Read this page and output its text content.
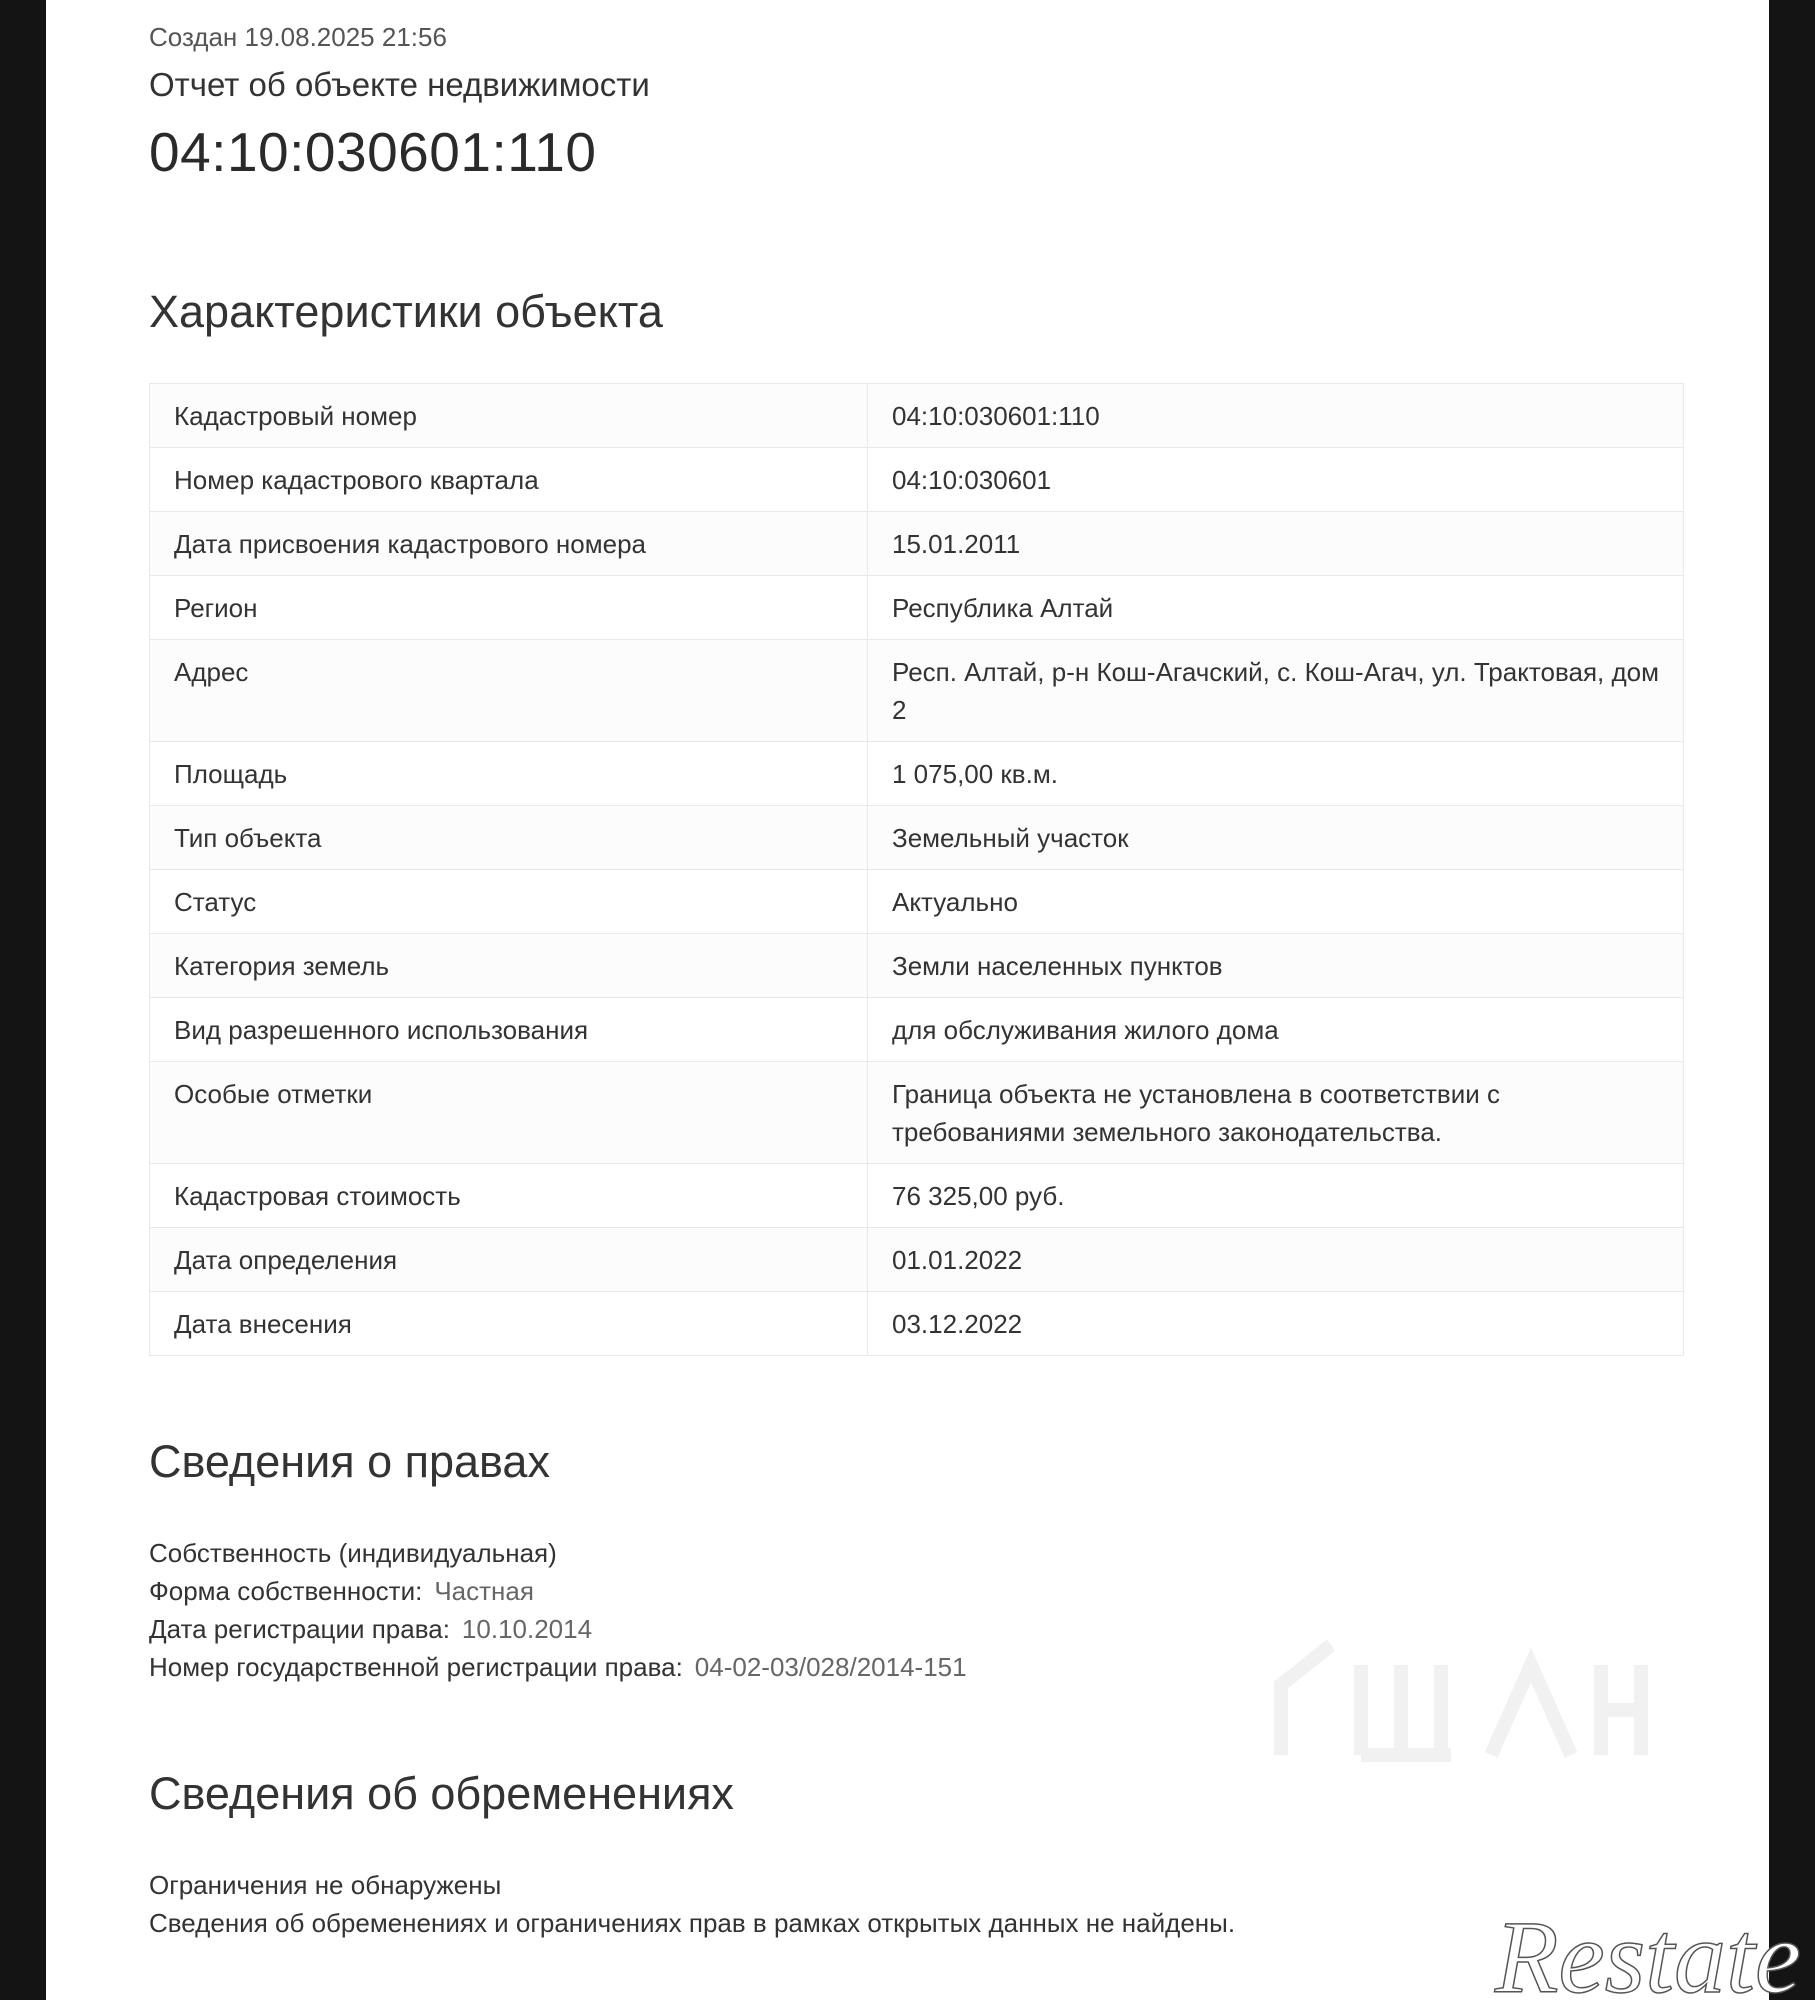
Создан 19.08.2025 21:56
Отчет об объекте недвижимости
04:10:030601:110
Характеристики объекта
Кадастровый номер	04:10:030601:110
Номер кадастрового квартала	04:10:030601
Дата присвоения кадастрового номера	15.01.2011
Регион	Республика Алтай
Адрес	Респ. Алтай, р-н Кош-Агачский, с. Кош-Агач, ул. Трактовая, дом 2
Площадь	1 075,00 кв.м.
Тип объекта	Земельный участок
Статус	Актуально
Категория земель	Земли населенных пунктов
Вид разрешенного использования	для обслуживания жилого дома
Особые отметки	Граница объекта не установлена в соответствии с требованиями земельного законодательства.
Кадастровая стоимость	76 325,00 руб.
Дата определения	01.01.2022
Дата внесения	03.12.2022
Сведения о правах
Собственность (индивидуальная)
Форма собственности: Частная
Дата регистрации права: 10.10.2014
Номер государственной регистрации права: 04-02-03/028/2014-151
Сведения об обременениях
Ограничения не обнаружены
Сведения об обременениях и ограничениях прав в рамках открытых данных не найдены. Restate
